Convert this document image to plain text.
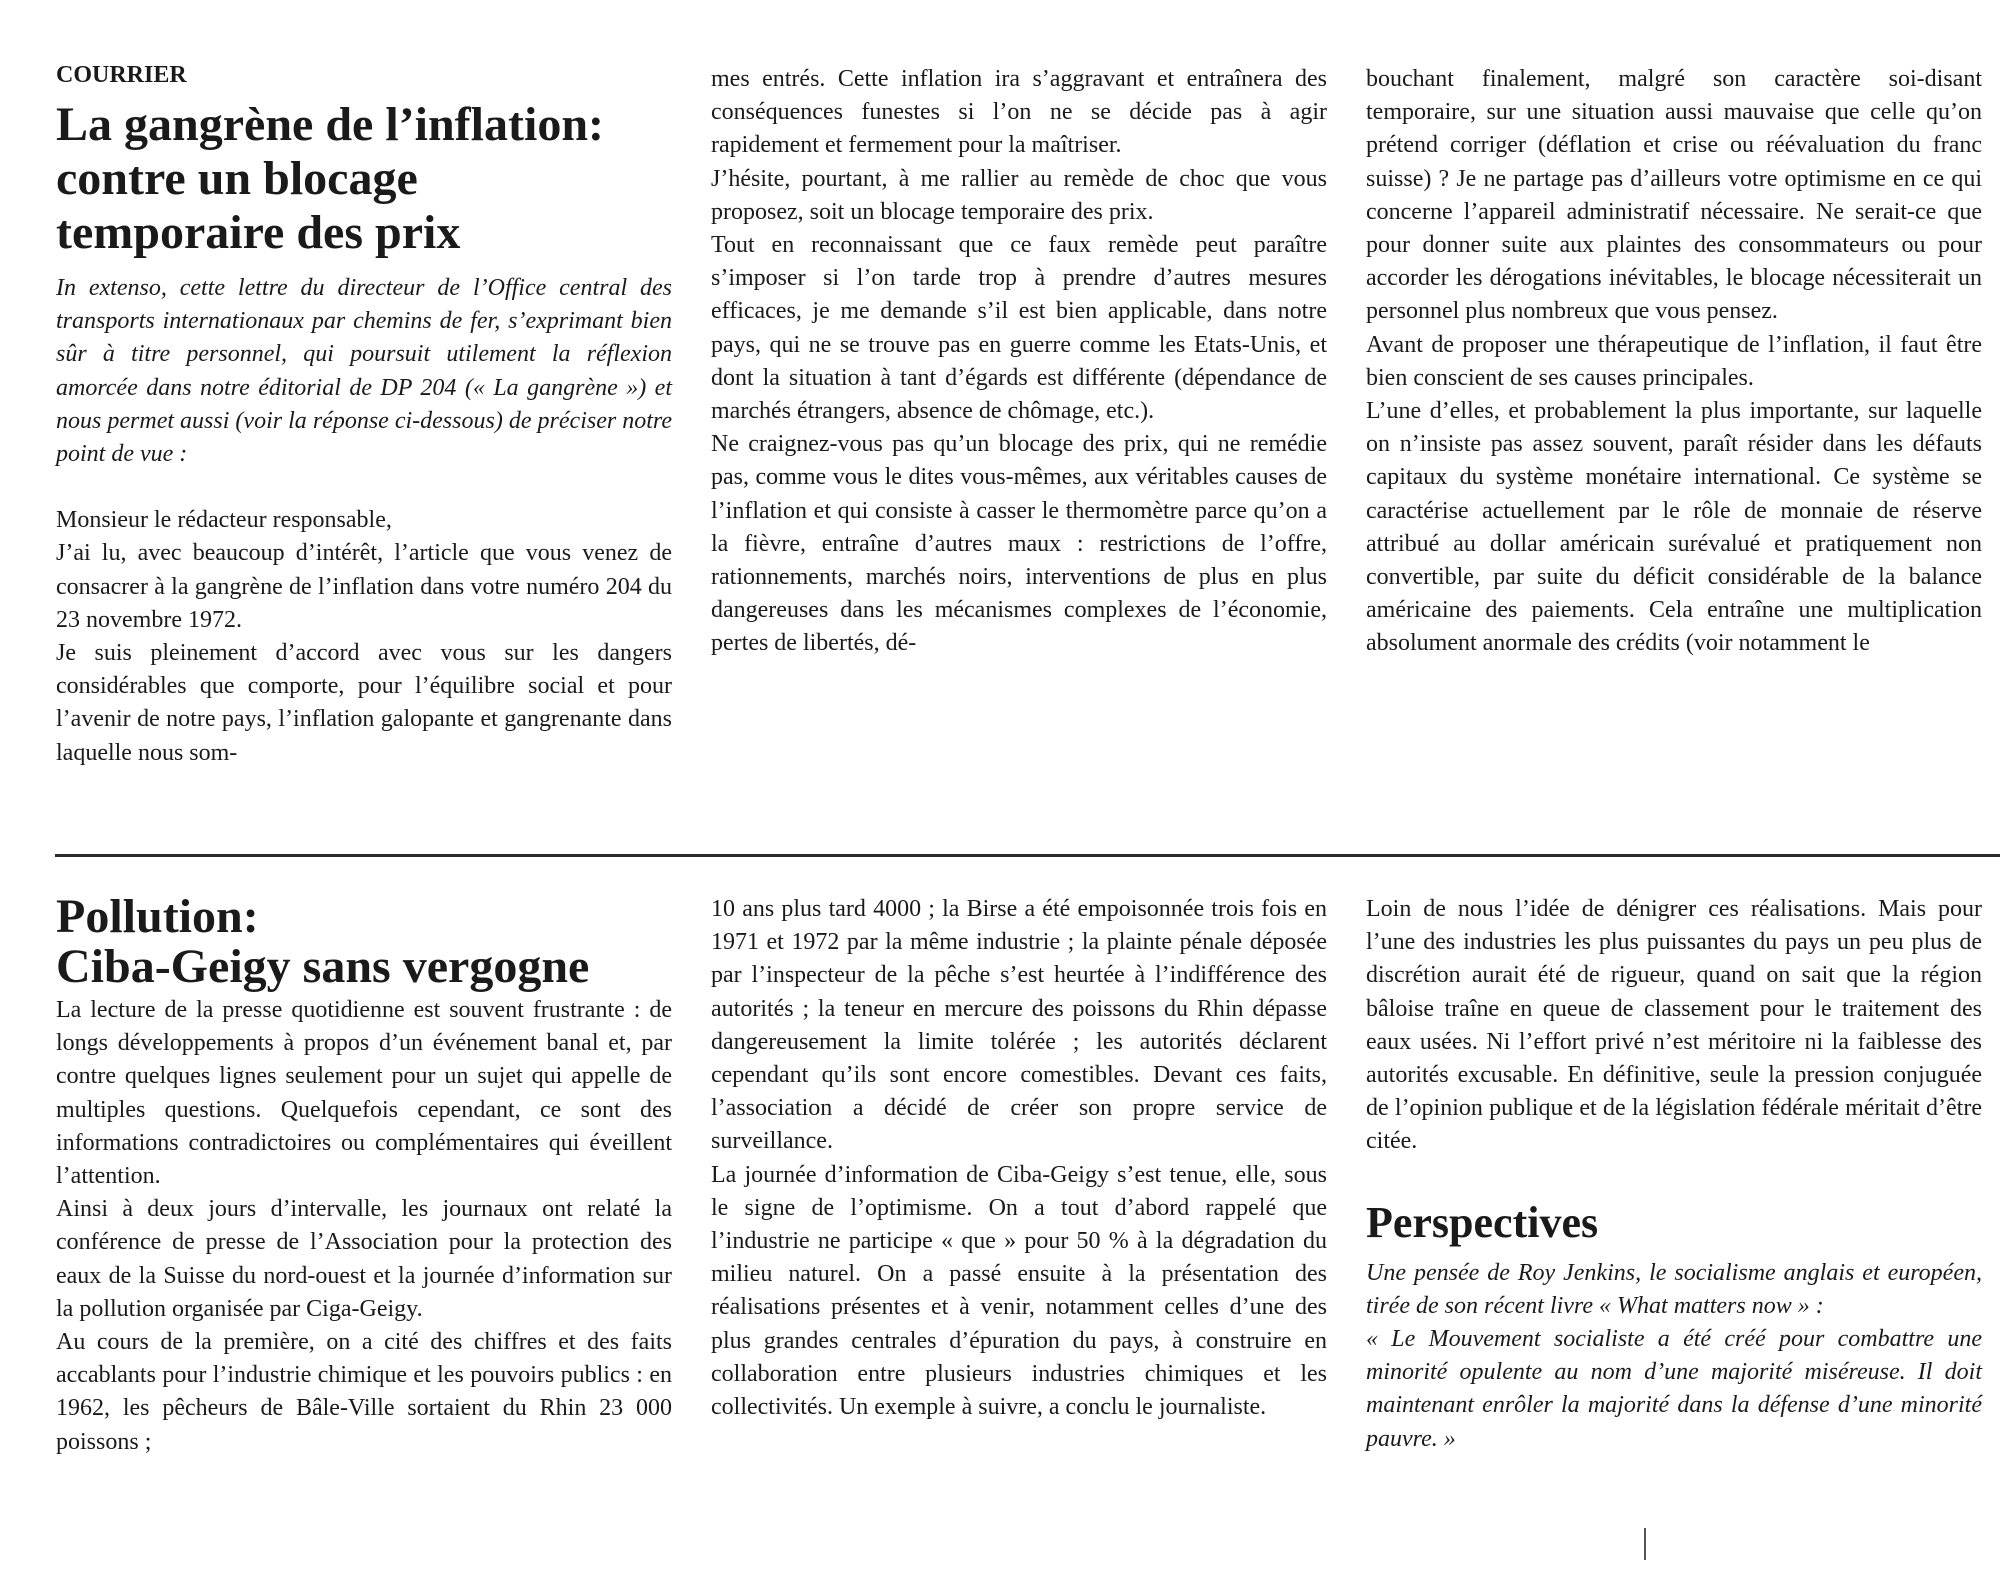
COURRIER
La gangrène de l’inflation:
contre un blocage
temporaire des prix

In extenso, cette lettre du directeur de l’Office central des transports internationaux par chemins de fer, s’exprimant bien sûr à titre personnel, qui poursuit utilement la réflexion amorcée dans notre éditorial de DP 204 (« La gangrène ») et nous permet aussi (voir la réponse ci-dessous) de préciser notre point de vue :

Monsieur le rédacteur responsable,

J’ai lu, avec beaucoup d’intérêt, l’article que vous venez de consacrer à la gangrène de l’inflation dans votre numéro 204 du 23 novembre 1972.

Je suis pleinement d’accord avec vous sur les dangers considérables que comporte, pour l’équilibre social et pour l’avenir de notre pays, l’inflation galopante et gangrenante dans laquelle nous som-

mes entrés. Cette inflation ira s’aggravant et entraînera des conséquences funestes si l’on ne se décide pas à agir rapidement et fermement pour la maîtriser.

J’hésite, pourtant, à me rallier au remède de choc que vous proposez, soit un blocage temporaire des prix.

Tout en reconnaissant que ce faux remède peut paraître s’imposer si l’on tarde trop à prendre d’autres mesures efficaces, je me demande s’il est bien applicable, dans notre pays, qui ne se trouve pas en guerre comme les Etats-Unis, et dont la situation à tant d’égards est différente (dépendance de marchés étrangers, absence de chômage, etc.).

Ne craignez-vous pas qu’un blocage des prix, qui ne remédie pas, comme vous le dites vous-mêmes, aux véritables causes de l’inflation et qui consiste à casser le thermomètre parce qu’on a la fièvre, entraîne d’autres maux : restrictions de l’offre, rationnements, marchés noirs, interventions de plus en plus dangereuses dans les mécanismes complexes de l’économie, pertes de libertés, dé-

bouchant finalement, malgré son caractère soi-disant temporaire, sur une situation aussi mauvaise que celle qu’on prétend corriger (déflation et crise ou réévaluation du franc suisse) ? Je ne partage pas d’ailleurs votre optimisme en ce qui concerne l’appareil administratif nécessaire. Ne serait-ce que pour donner suite aux plaintes des consommateurs ou pour accorder les dérogations inévitables, le blocage nécessiterait un personnel plus nombreux que vous pensez.

Avant de proposer une thérapeutique de l’inflation, il faut être bien conscient de ses causes principales.

L’une d’elles, et probablement la plus importante, sur laquelle on n’insiste pas assez souvent, paraît résider dans les défauts capitaux du système monétaire international. Ce système se caractérise actuellement par le rôle de monnaie de réserve attribué au dollar américain surévalué et pratiquement non convertible, par suite du déficit considérable de la balance américaine des paiements. Cela entraîne une multiplication absolument anormale des crédits (voir notamment le

Pollution:
Ciba-Geigy sans vergogne

La lecture de la presse quotidienne est souvent frustrante : de longs développements à propos d’un événement banal et, par contre quelques lignes seulement pour un sujet qui appelle de multiples questions. Quelquefois cependant, ce sont des informations contradictoires ou complémentaires qui éveillent l’attention.

Ainsi à deux jours d’intervalle, les journaux ont relaté la conférence de presse de l’Association pour la protection des eaux de la Suisse du nord-ouest et la journée d’information sur la pollution organisée par Ciga-Geigy.

Au cours de la première, on a cité des chiffres et des faits accablants pour l’industrie chimique et les pouvoirs publics : en 1962, les pêcheurs de Bâle-Ville sortaient du Rhin 23 000 poissons ;

10 ans plus tard 4000 ; la Birse a été empoisonnée trois fois en 1971 et 1972 par la même industrie ; la plainte pénale déposée par l’inspecteur de la pêche s’est heurtée à l’indifférence des autorités ; la teneur en mercure des poissons du Rhin dépasse dangereusement la limite tolérée ; les autorités déclarent cependant qu’ils sont encore comestibles. Devant ces faits, l’association a décidé de créer son propre service de surveillance.

La journée d’information de Ciba-Geigy s’est tenue, elle, sous le signe de l’optimisme. On a tout d’abord rappelé que l’industrie ne participe « que » pour 50 % à la dégradation du milieu naturel. On a passé ensuite à la présentation des réalisations présentes et à venir, notamment celles d’une des plus grandes centrales d’épuration du pays, à construire en collaboration entre plusieurs industries chimiques et les collectivités. Un exemple à suivre, a conclu le journaliste.

Loin de nous l’idée de dénigrer ces réalisations. Mais pour l’une des industries les plus puissantes du pays un peu plus de discrétion aurait été de rigueur, quand on sait que la région bâloise traîne en queue de classement pour le traitement des eaux usées. Ni l’effort privé n’est méritoire ni la faiblesse des autorités excusable. En définitive, seule la pression conjuguée de l’opinion publique et de la législation fédérale méritait d’être citée.

Perspectives

Une pensée de Roy Jenkins, le socialisme anglais et européen, tirée de son récent livre « What matters now » :

« Le Mouvement socialiste a été créé pour combattre une minorité opulente au nom d’une majorité miséreuse. Il doit maintenant enrôler la majorité dans la défense d’une minorité pauvre. »
